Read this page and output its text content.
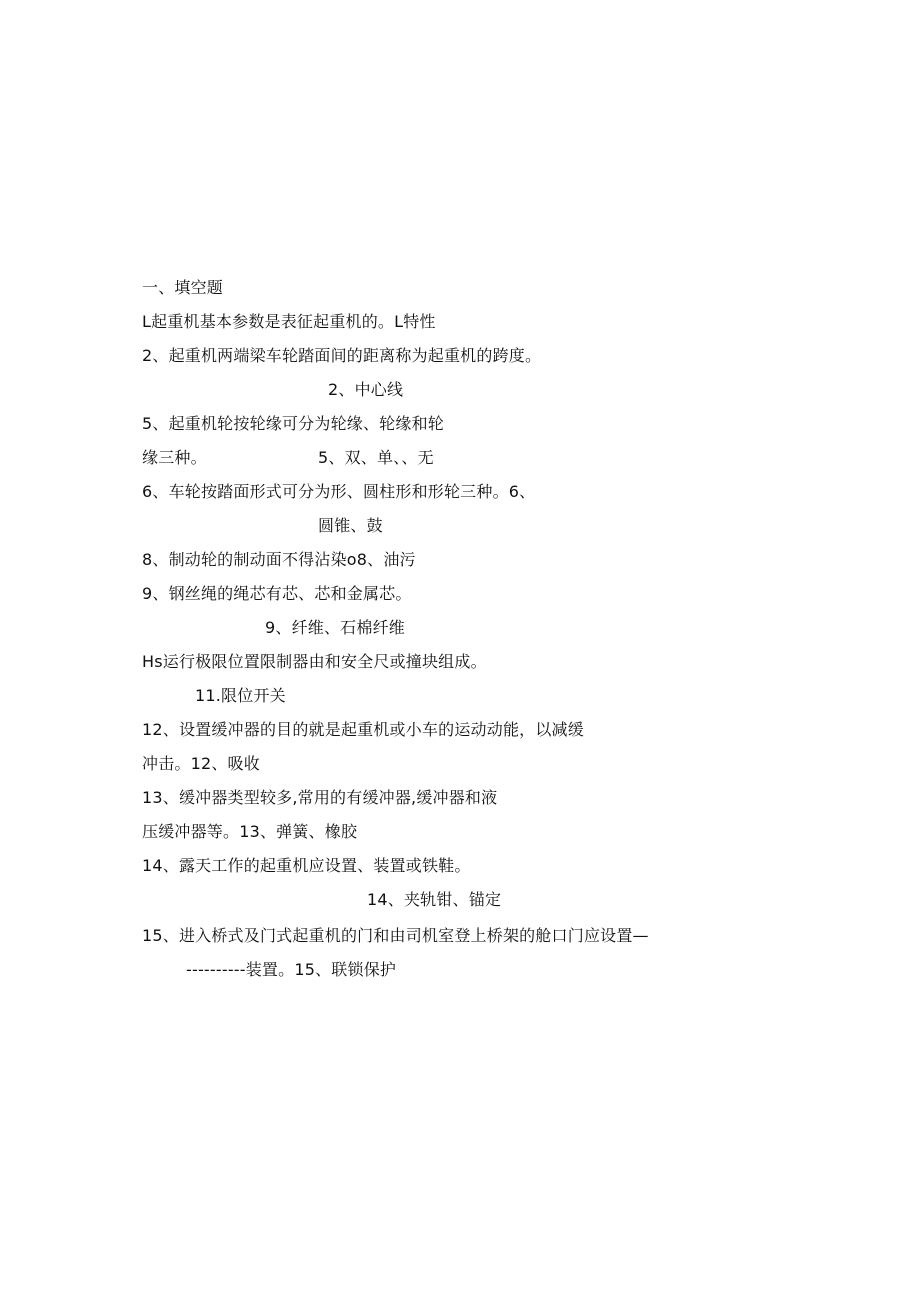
一、填空题
L起重机基本参数是表征起重机的。L特性
2、起重机两端梁车轮踏面间的距离称为起重机的跨度。
2、中心线
5、起重机轮按轮缘可分为轮缘、轮缘和轮
缘三种。	5、双、单、、无
6、车轮按踏面形式可分为形、圆柱形和形轮三种。6、
圆锥、鼓
8、制动轮的制动面不得沾染o8、油污
9、钢丝绳的绳芯有芯、芯和金属芯。
9、纤维、石棉纤维
Hs运行极限位置限制器由和安全尺或撞块组成。
11.限位开关
12、设置缓冲器的目的就是起重机或小车的运动动能，以减缓
冲击。12、吸收
13、缓冲器类型较多,常用的有缓冲器,缓冲器和液
压缓冲器等。13、弹簧、橡胶
14、露天工作的起重机应设置、装置或铁鞋。
14、夹轨钳、锚定
15、进入桥式及门式起重机的门和由司机室登上桥架的舱口门应设置—
----------装置。15、联锁保护
